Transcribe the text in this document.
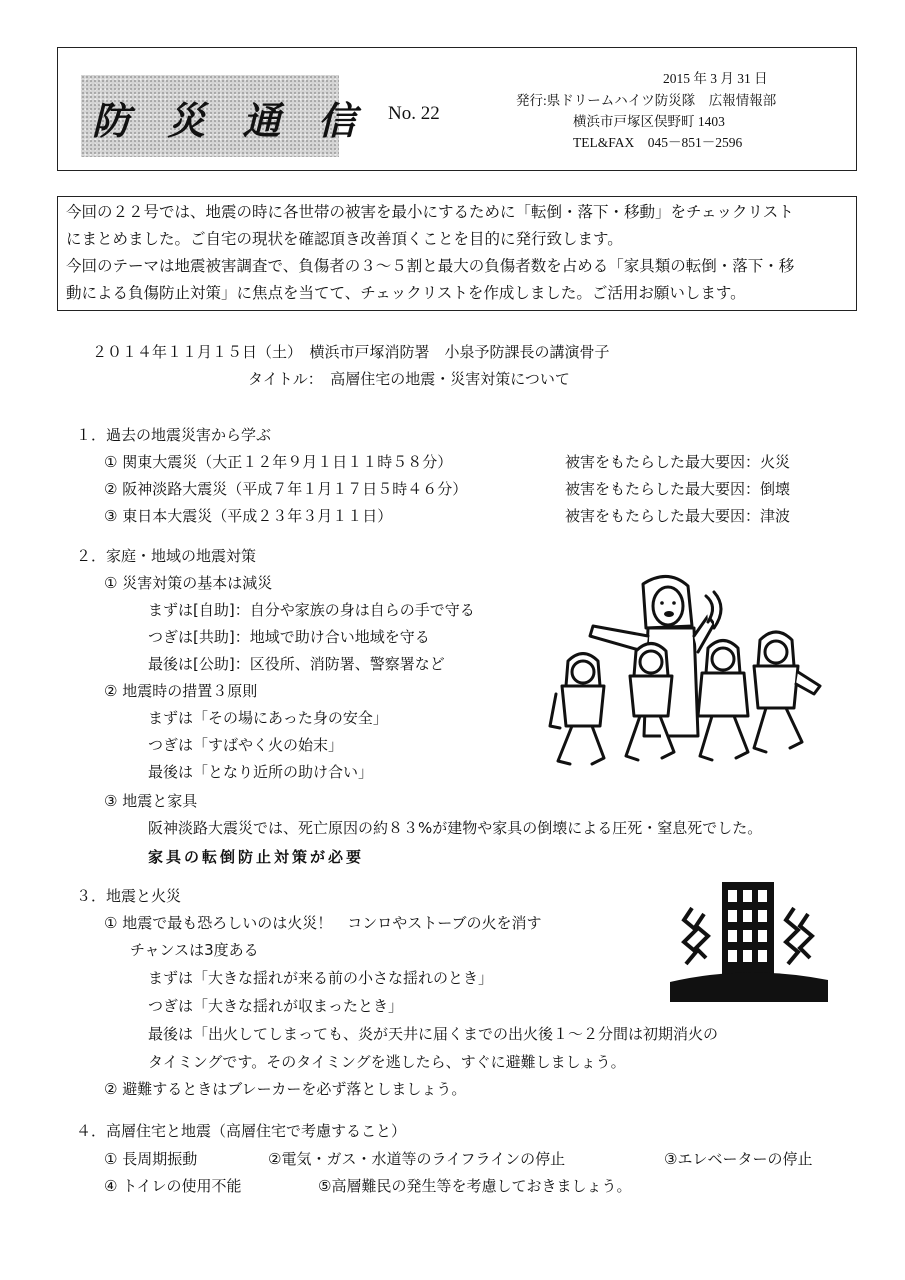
防 災 通 信 No. 22
2015 年 3 月 31 日
発行:県ドリームハイツ防災隊　広報情報部
横浜市戸塚区俣野町 1403
TEL&FAX　045－851－2596
今回の２２号では、地震の時に各世帯の被害を最小にするために「転倒・落下・移動」をチェックリスト
にまとめました。ご自宅の現状を確認頂き改善頂くことを目的に発行致します。
今回のテーマは地震被害調査で、負傷者の３～５割と最大の負傷者数を占める「家具類の転倒・落下・移
動による負傷防止対策」に焦点を当てて、チェックリストを作成しました。ご活用お願いします。
２０１４年１１月１５日（土）　横浜市戸塚消防署　小泉予防課長の講演骨子
タイトル：　高層住宅の地震・災害対策について
１．過去の地震災害から学ぶ
① 関東大震災（大正１２年９月１日１１時５８分）	被害をもたらした最大要因：火災
② 阪神淡路大震災（平成７年１月１７日５時４６分）	被害をもたらした最大要因：倒壊
③ 東日本大震災（平成２３年３月１１日）	被害をもたらした最大要因：津波
２．家庭・地域の地震対策
① 災害対策の基本は減災
まずは[自助]：自分や家族の身は自らの手で守る
つぎは[共助]：地域で助け合い地域を守る
最後は[公助]：区役所、消防署、警察署など
② 地震時の措置３原則
まずは「その場にあった身の安全」
つぎは「すばやく火の始末」
最後は「となり近所の助け合い」
③ 地震と家具
阪神淡路大震災では、死亡原因の約８３%が建物や家具の倒壊による圧死・窒息死でした。
家具の転倒防止対策が必要
３．地震と火災
① 地震で最も恐ろしいのは火災！　コンロやストーブの火を消す
チャンスは3度ある
まずは「大きな揺れが来る前の小さな揺れのとき」
つぎは「大きな揺れが収まったとき」
最後は「出火してしまっても、炎が天井に届くまでの出火後１～２分間は初期消火の
タイミングです。そのタイミングを逃したら、すぐに避難しましょう。
② 避難するときはブレーカーを必ず落としましょう。
４．高層住宅と地震（高層住宅で考慮すること）
① 長周期振動	②電気・ガス・水道等のライフラインの停止	③エレベーターの停止
④ トイレの使用不能	⑤高層難民の発生等を考慮しておきましょう。
